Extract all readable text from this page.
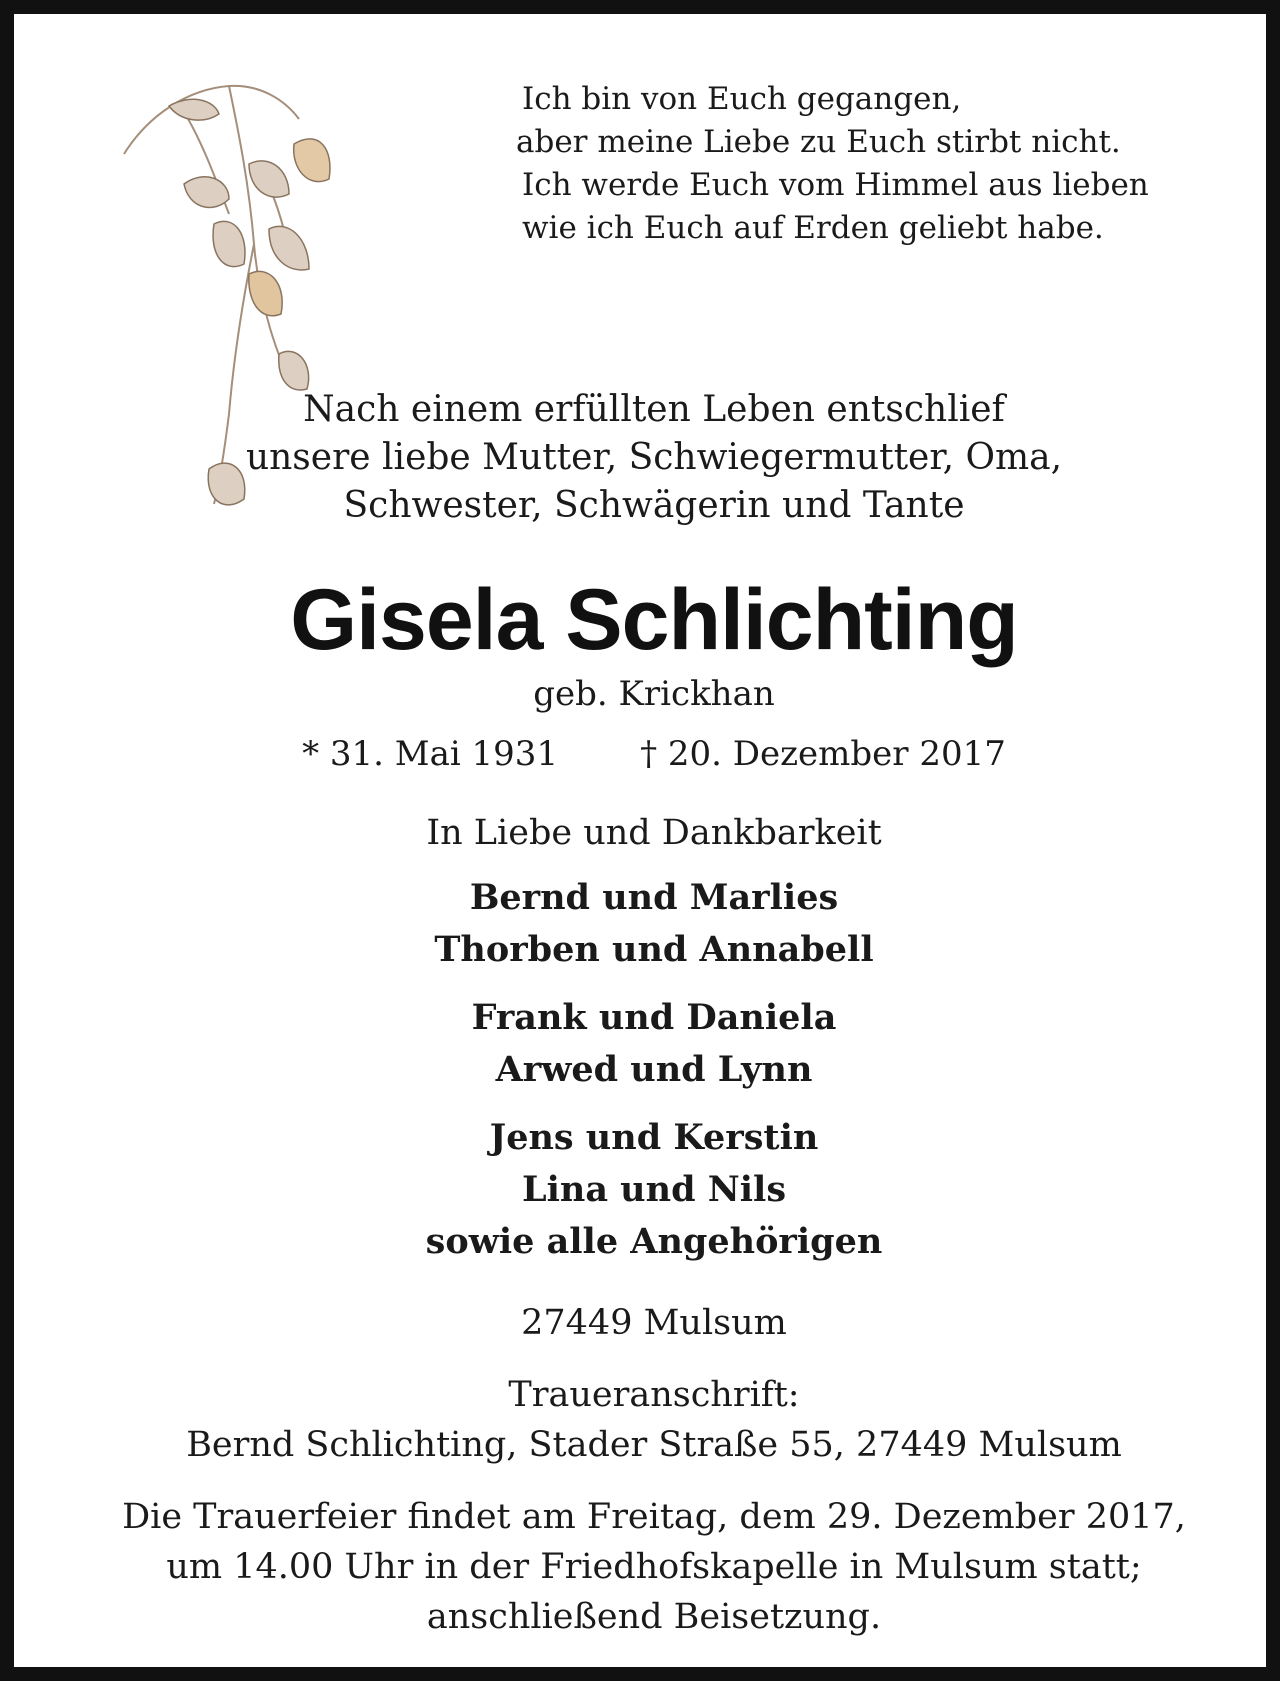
Ich bin von Euch gegangen,
aber meine Liebe zu Euch stirbt nicht.
Ich werde Euch vom Himmel aus lieben
wie ich Euch auf Erden geliebt habe.
Nach einem erfüllten Leben entschlief
unsere liebe Mutter, Schwiegermutter, Oma,
Schwester, Schwägerin und Tante
Gisela Schlichting
geb. Krickhan
* 31. Mai 1931 † 20. Dezember 2017
In Liebe und Dankbarkeit
Bernd und Marlies
Thorben und Annabell
Frank und Daniela
Arwed und Lynn
Jens und Kerstin
Lina und Nils
sowie alle Angehörigen
27449 Mulsum
Traueranschrift:
Bernd Schlichting, Stader Straße 55, 27449 Mulsum
Die Trauerfeier findet am Freitag, dem 29. Dezember 2017,
um 14.00 Uhr in der Friedhofskapelle in Mulsum statt;
anschließend Beisetzung.
